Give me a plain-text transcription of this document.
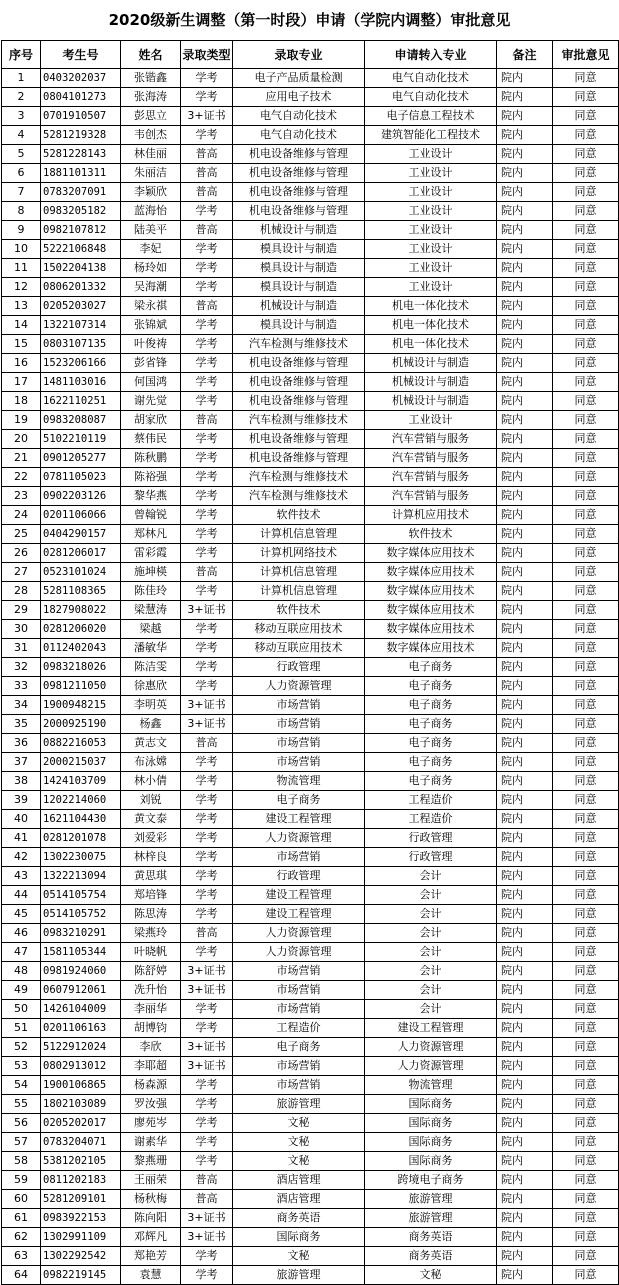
2020级新生调整（第一时段）申请（学院内调整）审批意见
序号	考生号	姓名	录取类型	录取专业	申请转入专业	备注	审批意见
1	0403202037	张锴鑫	学考	电子产品质量检测	电气自动化技术	院内	同意
2	0804101273	张海涛	学考	应用电子技术	电气自动化技术	院内	同意
3	0701910507	彭思立	3+证书	电气自动化技术	电子信息工程技术	院内	同意
4	5281219328	韦创杰	学考	电气自动化技术	建筑智能化工程技术	院内	同意
5	5281228143	林佳丽	普高	机电设备维修与管理	工业设计	院内	同意
6	1881101311	朱丽洁	普高	机电设备维修与管理	工业设计	院内	同意
7	0783207091	李颖欣	普高	机电设备维修与管理	工业设计	院内	同意
8	0983205182	蓝海怡	学考	机电设备维修与管理	工业设计	院内	同意
9	0982107812	陆美平	普高	机械设计与制造	工业设计	院内	同意
10	5222106848	李妃	学考	模具设计与制造	工业设计	院内	同意
11	1502204138	杨玲如	学考	模具设计与制造	工业设计	院内	同意
12	0806201332	吴海潮	学考	模具设计与制造	工业设计	院内	同意
13	0205203027	梁永祺	普高	机械设计与制造	机电一体化技术	院内	同意
14	1322107314	张锦斌	学考	模具设计与制造	机电一体化技术	院内	同意
15	0803107135	叶俊祷	学考	汽车检测与维修技术	机电一体化技术	院内	同意
16	1523206166	彭省锋	学考	机电设备维修与管理	机械设计与制造	院内	同意
17	1481103016	何国鸿	学考	机电设备维修与管理	机械设计与制造	院内	同意
18	1622110251	谢先觉	学考	机电设备维修与管理	机械设计与制造	院内	同意
19	0983208087	胡家欣	普高	汽车检测与维修技术	工业设计	院内	同意
20	5102210119	蔡伟民	学考	机电设备维修与管理	汽车营销与服务	院内	同意
21	0901205277	陈秋鹏	学考	机电设备维修与管理	汽车营销与服务	院内	同意
22	0781105023	陈裕强	学考	汽车检测与维修技术	汽车营销与服务	院内	同意
23	0902203126	黎华燕	学考	汽车检测与维修技术	汽车营销与服务	院内	同意
24	0201106066	曾翰锐	学考	软件技术	计算机应用技术	院内	同意
25	0404290157	郑林凡	学考	计算机信息管理	软件技术	院内	同意
26	0281206017	雷彩霞	学考	计算机网络技术	数字媒体应用技术	院内	同意
27	0523101024	施坤楧	普高	计算机信息管理	数字媒体应用技术	院内	同意
28	5281108365	陈佳玲	学考	计算机信息管理	数字媒体应用技术	院内	同意
29	1827908022	梁慧涛	3+证书	软件技术	数字媒体应用技术	院内	同意
30	0281206020	梁越	学考	移动互联应用技术	数字媒体应用技术	院内	同意
31	0112402043	潘敏华	学考	移动互联应用技术	数字媒体应用技术	院内	同意
32	0983218026	陈洁雯	学考	行政管理	电子商务	院内	同意
33	0981211050	徐惠欣	学考	人力资源管理	电子商务	院内	同意
34	1900948215	李明英	3+证书	市场营销	电子商务	院内	同意
35	2000925190	杨鑫	3+证书	市场营销	电子商务	院内	同意
36	0882216053	黄志文	普高	市场营销	电子商务	院内	同意
37	2000215037	布泳嫦	学考	市场营销	电子商务	院内	同意
38	1424103709	林小倩	学考	物流管理	电子商务	院内	同意
39	1202214060	刘锐	学考	电子商务	工程造价	院内	同意
40	1621104430	黄文泰	学考	建设工程管理	工程造价	院内	同意
41	0281201078	刘爱彩	学考	人力资源管理	行政管理	院内	同意
42	1302230075	林梓良	学考	市场营销	行政管理	院内	同意
43	1322213094	黄思琪	学考	行政管理	会计	院内	同意
44	0514105754	郑培锋	学考	建设工程管理	会计	院内	同意
45	0514105752	陈思涛	学考	建设工程管理	会计	院内	同意
46	0983210291	梁燕玲	普高	人力资源管理	会计	院内	同意
47	1581105344	叶晓帆	学考	人力资源管理	会计	院内	同意
48	0981924060	陈舒婷	3+证书	市场营销	会计	院内	同意
49	0607912061	冼升怡	3+证书	市场营销	会计	院内	同意
50	1426104009	李丽华	学考	市场营销	会计	院内	同意
51	0201106163	胡博钧	学考	工程造价	建设工程管理	院内	同意
52	5122912024	李欣	3+证书	电子商务	人力资源管理	院内	同意
53	0802913012	李耶超	3+证书	市场营销	人力资源管理	院内	同意
54	1900106865	杨森源	学考	市场营销	物流管理	院内	同意
55	1802103089	罗汝强	学考	旅游管理	国际商务	院内	同意
56	0205202017	廖苑岑	学考	文秘	国际商务	院内	同意
57	0783204071	谢素华	学考	文秘	国际商务	院内	同意
58	5381202105	黎燕珊	学考	文秘	国际商务	院内	同意
59	0811202183	王丽荣	普高	酒店管理	跨境电子商务	院内	同意
60	5281209101	杨秋梅	普高	酒店管理	旅游管理	院内	同意
61	0983922153	陈向阳	3+证书	商务英语	旅游管理	院内	同意
62	1302991109	邓辉凡	3+证书	国际商务	商务英语	院内	同意
63	1302292542	郑艳芳	学考	文秘	商务英语	院内	同意
64	0982219145	袁慧	学考	旅游管理	文秘	院内	同意
